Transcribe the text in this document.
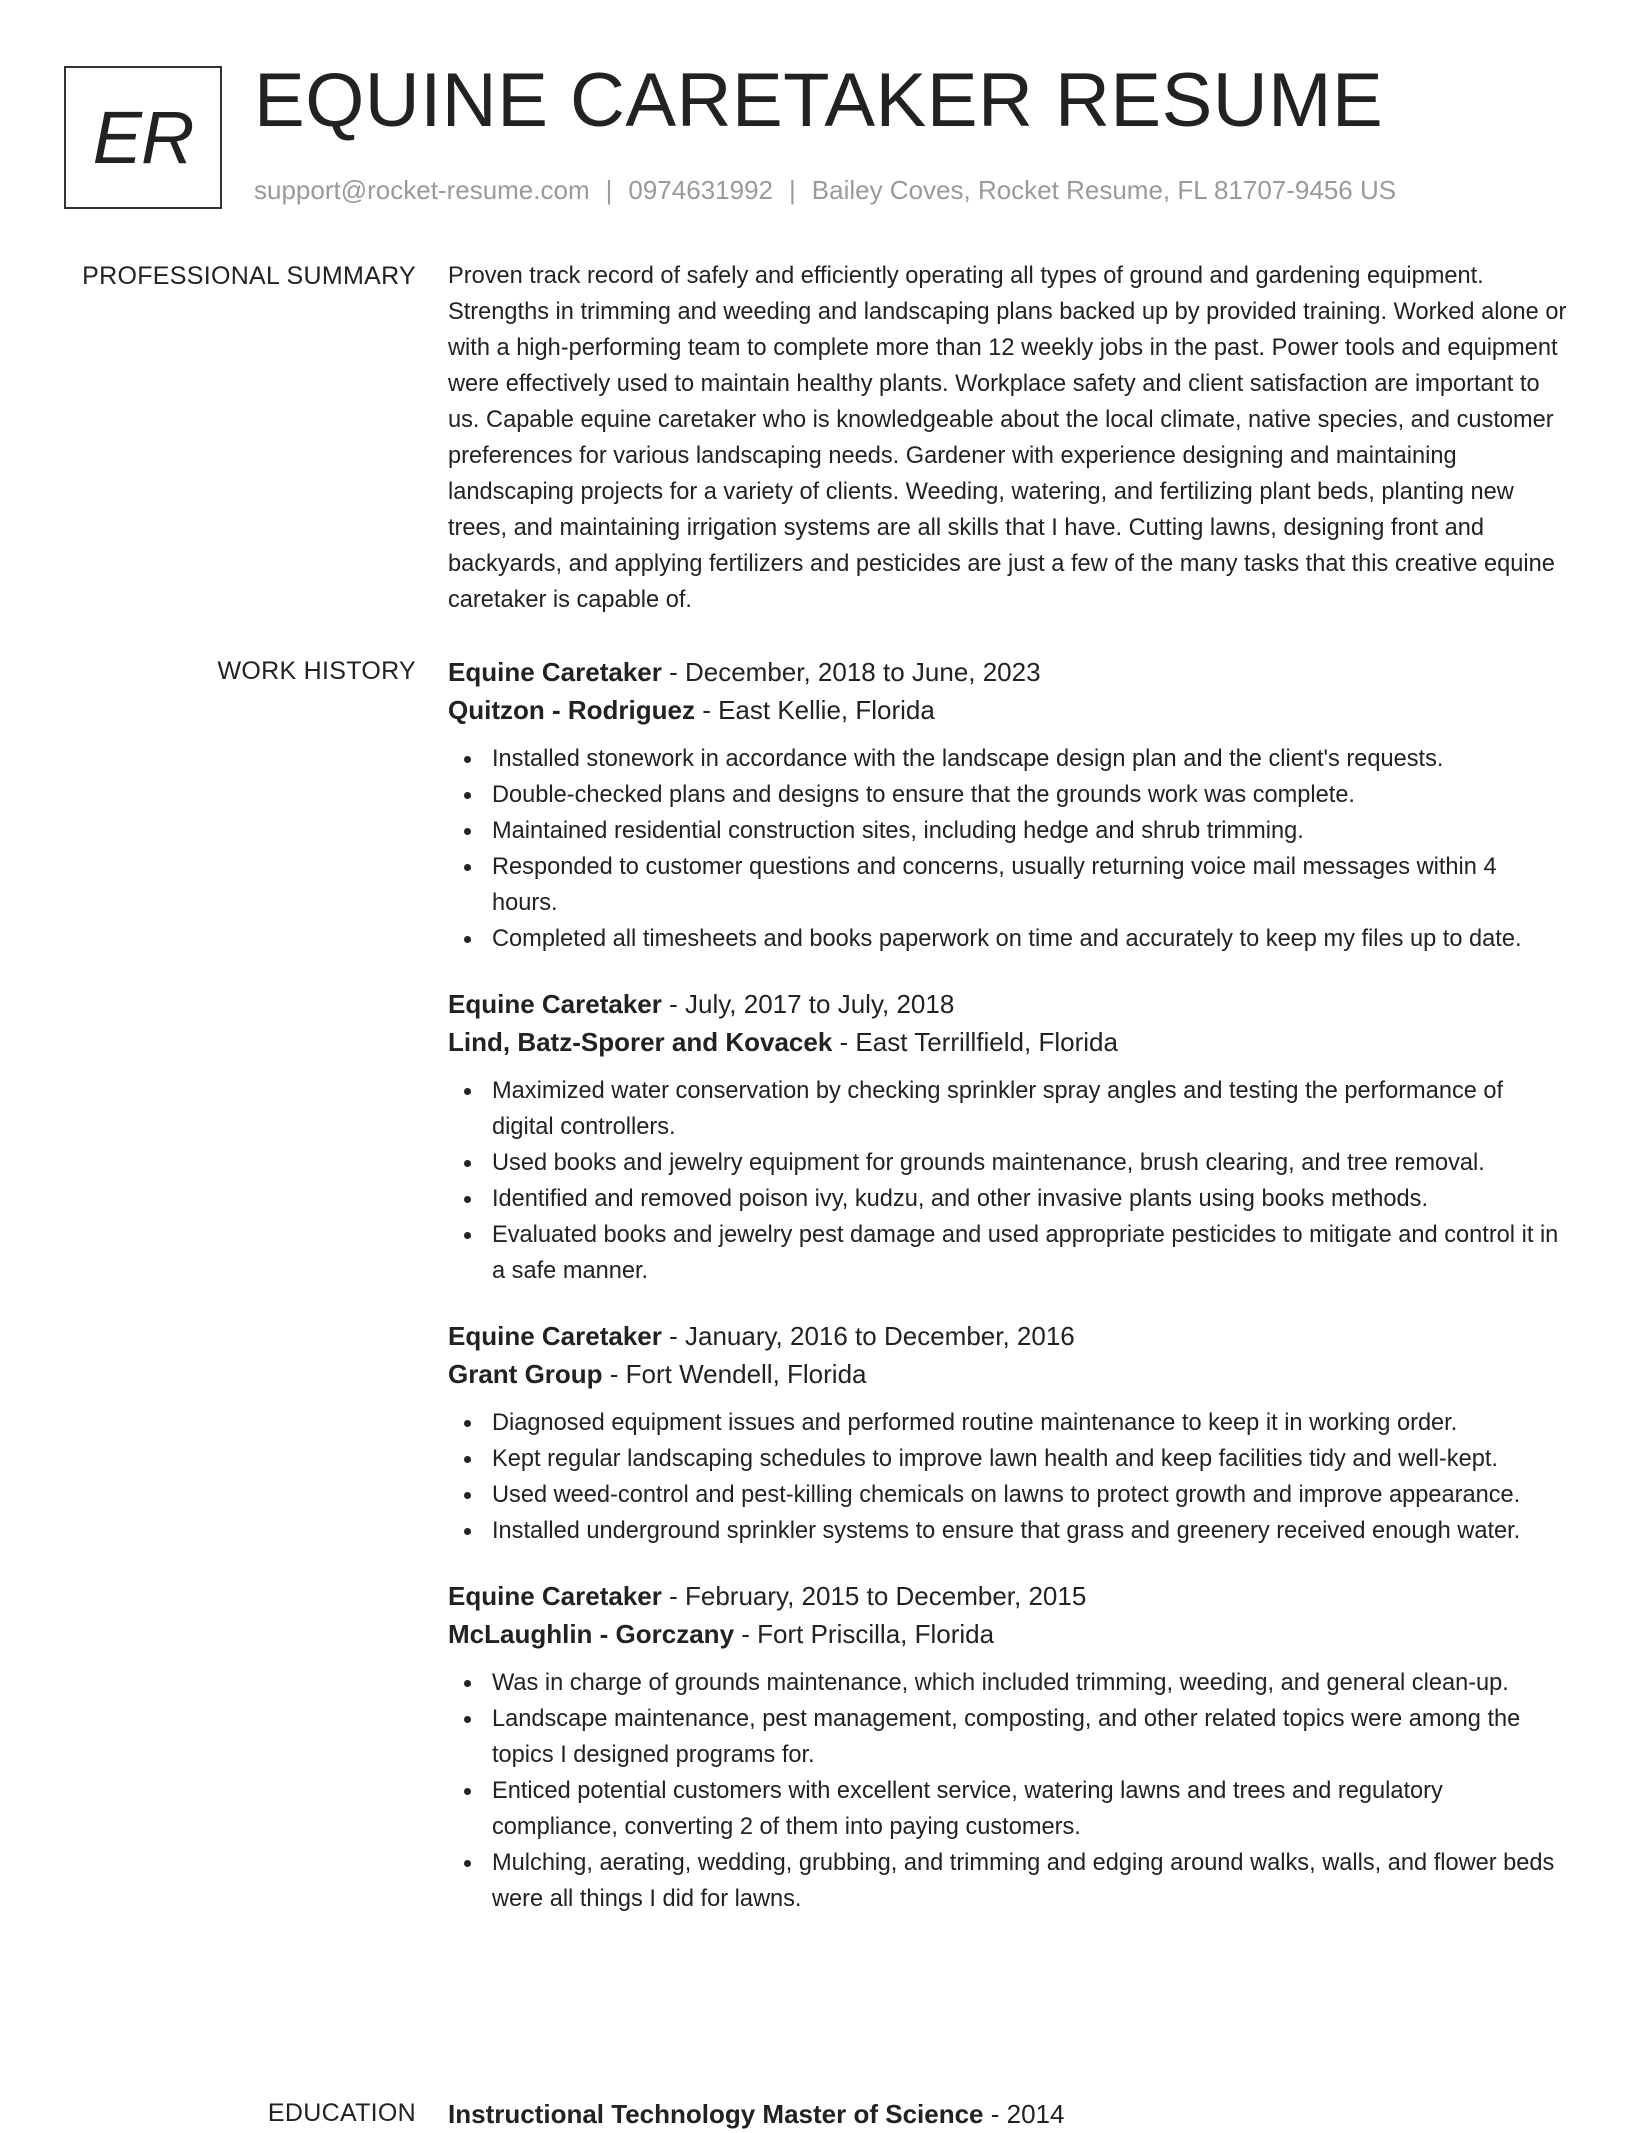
ER EQUINE CARETAKER RESUME
support@rocket-resume.com | 0974631992 | Bailey Coves, Rocket Resume, FL 81707-9456 US
PROFESSIONAL SUMMARY Proven track record of safely and efficiently operating all types of ground and gardening equipment. Strengths in trimming and weeding and landscaping plans backed up by provided training. Worked alone or with a high-performing team to complete more than 12 weekly jobs in the past. Power tools and equipment were effectively used to maintain healthy plants. Workplace safety and client satisfaction are important to us. Capable equine caretaker who is knowledgeable about the local climate, native species, and customer preferences for various landscaping needs. Gardener with experience designing and maintaining landscaping projects for a variety of clients. Weeding, watering, and fertilizing plant beds, planting new trees, and maintaining irrigation systems are all skills that I have. Cutting lawns, designing front and backyards, and applying fertilizers and pesticides are just a few of the many tasks that this creative equine caretaker is capable of.
WORK HISTORY Equine Caretaker - December, 2018 to June, 2023
Quitzon - Rodriguez - East Kellie, Florida
Installed stonework in accordance with the landscape design plan and the client's requests.
Double-checked plans and designs to ensure that the grounds work was complete.
Maintained residential construction sites, including hedge and shrub trimming.
Responded to customer questions and concerns, usually returning voice mail messages within 4 hours.
Completed all timesheets and books paperwork on time and accurately to keep my files up to date.
Equine Caretaker - July, 2017 to July, 2018
Lind, Batz-Sporer and Kovacek - East Terrillfield, Florida
Maximized water conservation by checking sprinkler spray angles and testing the performance of digital controllers.
Used books and jewelry equipment for grounds maintenance, brush clearing, and tree removal.
Identified and removed poison ivy, kudzu, and other invasive plants using books methods.
Evaluated books and jewelry pest damage and used appropriate pesticides to mitigate and control it in a safe manner.
Equine Caretaker - January, 2016 to December, 2016
Grant Group - Fort Wendell, Florida
Diagnosed equipment issues and performed routine maintenance to keep it in working order.
Kept regular landscaping schedules to improve lawn health and keep facilities tidy and well-kept.
Used weed-control and pest-killing chemicals on lawns to protect growth and improve appearance.
Installed underground sprinkler systems to ensure that grass and greenery received enough water.
Equine Caretaker - February, 2015 to December, 2015
McLaughlin - Gorczany - Fort Priscilla, Florida
Was in charge of grounds maintenance, which included trimming, weeding, and general clean-up.
Landscape maintenance, pest management, composting, and other related topics were among the topics I designed programs for.
Enticed potential customers with excellent service, watering lawns and trees and regulatory compliance, converting 2 of them into paying customers.
Mulching, aerating, wedding, grubbing, and trimming and edging around walks, walls, and flower beds were all things I did for lawns.
EDUCATION Instructional Technology Master of Science - 2014
